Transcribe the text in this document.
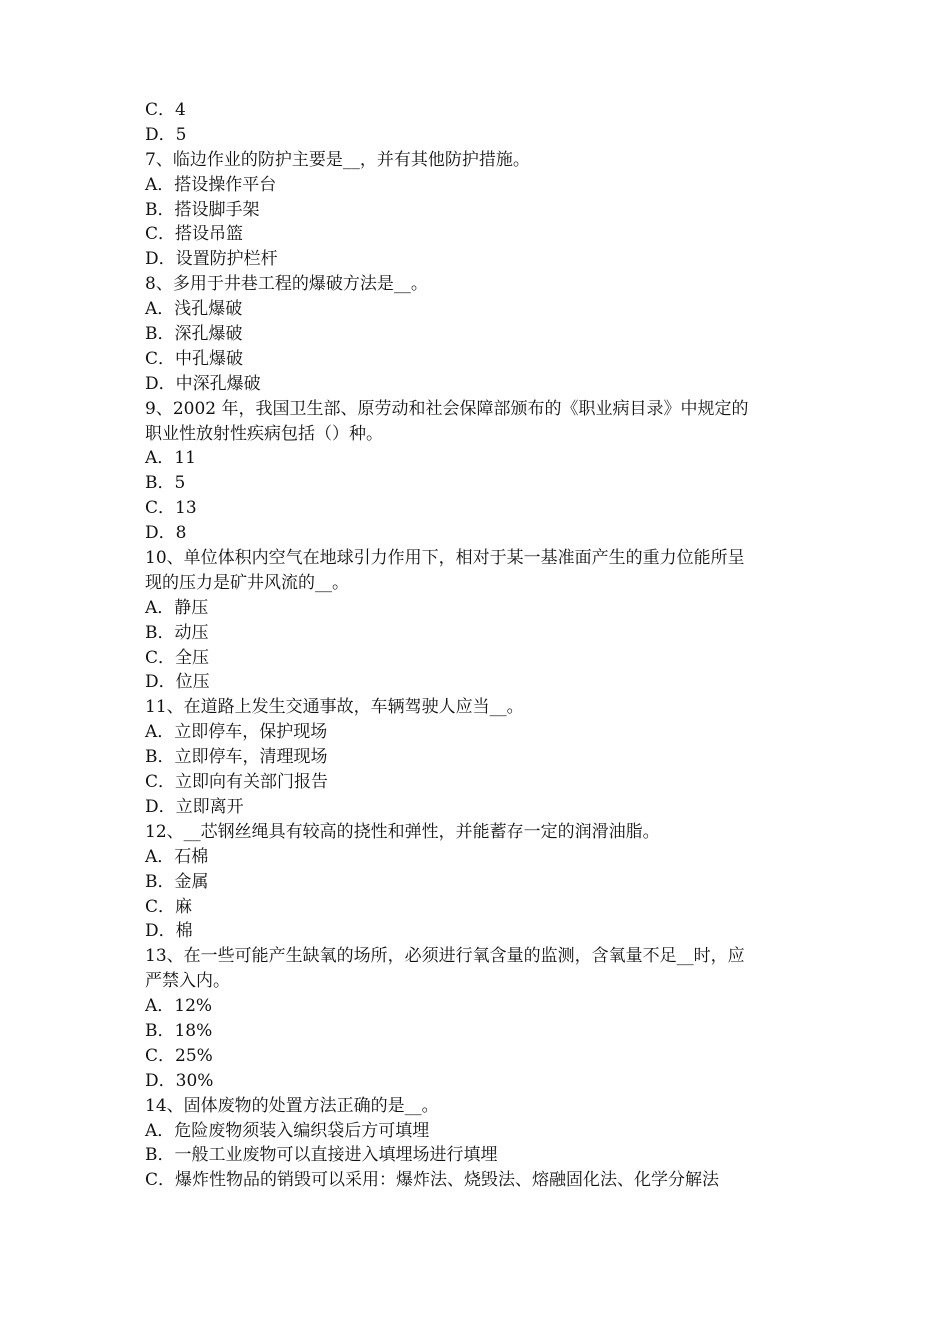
C．4
D．5
7、临边作业的防护主要是__，并有其他防护措施。
A．搭设操作平台
B．搭设脚手架
C．搭设吊篮
D．设置防护栏杆
8、多用于井巷工程的爆破方法是__。
A．浅孔爆破
B．深孔爆破
C．中孔爆破
D．中深孔爆破
9、2002 年，我国卫生部、原劳动和社会保障部颁布的《职业病目录》中规定的
职业性放射性疾病包括（）种。
A．11
B．5
C．13
D．8
10、单位体积内空气在地球引力作用下，相对于某一基准面产生的重力位能所呈
现的压力是矿井风流的__。
A．静压
B．动压
C．全压
D．位压
11、在道路上发生交通事故，车辆驾驶人应当__。
A．立即停车，保护现场
B．立即停车，清理现场
C．立即向有关部门报告
D．立即离开
12、__芯钢丝绳具有较高的挠性和弹性，并能蓄存一定的润滑油脂。
A．石棉
B．金属
C．麻
D．棉
13、在一些可能产生缺氧的场所，必须进行氧含量的监测，含氧量不足__时，应
严禁入内。
A．12%
B．18%
C．25%
D．30%
14、固体废物的处置方法正确的是__。
A．危险废物须装入编织袋后方可填埋
B．一般工业废物可以直接进入填埋场进行填埋
C．爆炸性物品的销毁可以采用：爆炸法、烧毁法、熔融固化法、化学分解法
